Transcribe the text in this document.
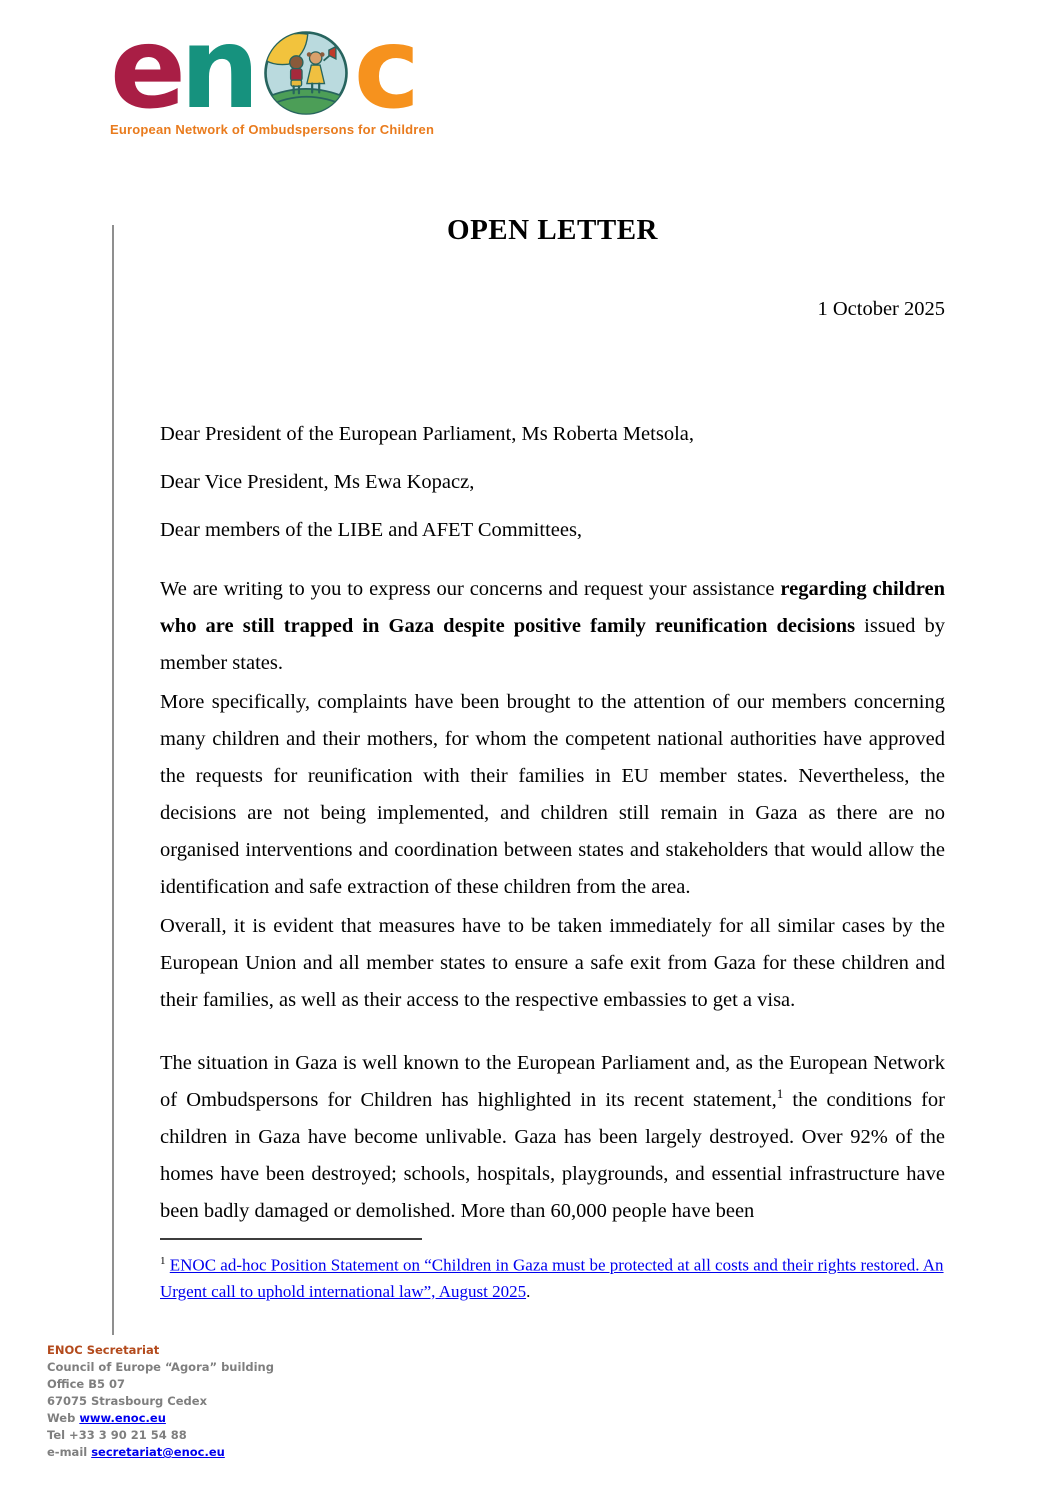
e n c
European Network of Ombudspersons for Children

OPEN LETTER

1 October 2025

Dear President of the European Parliament, Ms Roberta Metsola,

Dear Vice President, Ms Ewa Kopacz,

Dear members of the LIBE and AFET Committees,

We are writing to you to express our concerns and request your assistance regarding children who are still trapped in Gaza despite positive family reunification decisions issued by member states.

More specifically, complaints have been brought to the attention of our members concerning many children and their mothers, for whom the competent national authorities have approved the requests for reunification with their families in EU member states. Nevertheless, the decisions are not being implemented, and children still remain in Gaza as there are no organised interventions and coordination between states and stakeholders that would allow the identification and safe extraction of these children from the area.

Overall, it is evident that measures have to be taken immediately for all similar cases by the European Union and all member states to ensure a safe exit from Gaza for these children and their families, as well as their access to the respective embassies to get a visa.

The situation in Gaza is well known to the European Parliament and, as the European Network of Ombudspersons for Children has highlighted in its recent statement,$^1$ the conditions for children in Gaza have become unlivable. Gaza has been largely destroyed. Over 92% of the homes have been destroyed; schools, hospitals, playgrounds, and essential infrastructure have been badly damaged or demolished. More than 60,000 people have been

$^1$ ENOC ad-hoc Position Statement on “Children in Gaza must be protected at all costs and their rights restored. An Urgent call to uphold international law”, August 2025.

ENOC Secretariat
Council of Europe “Agora” building
Office B5 07
67075 Strasbourg Cedex
Web www.enoc.eu
Tel +33 3 90 21 54 88
e-mail secretariat@enoc.eu
